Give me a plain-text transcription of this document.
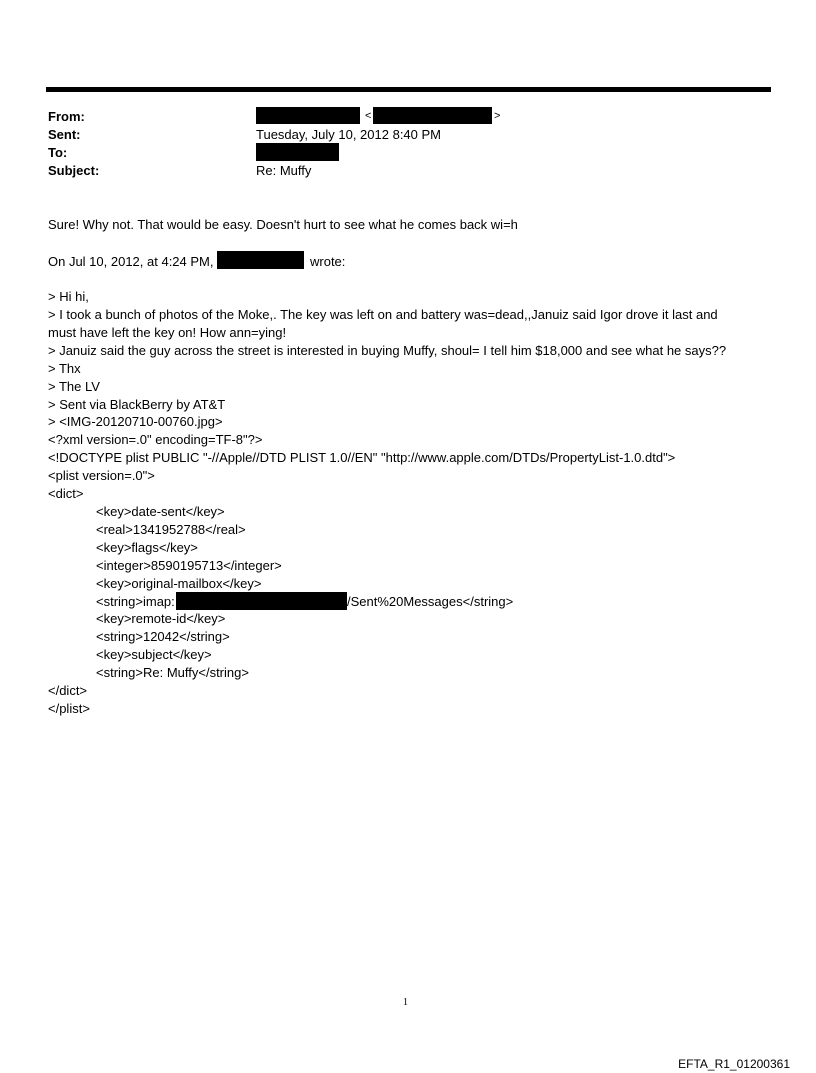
From:	<	>
Sent:	Tuesday, July 10, 2012 8:40 PM
To:
Subject:	Re: Muffy
Sure! Why not. That would be easy. Doesn't hurt to see what he comes back wi=h
On Jul 10, 2012, at 4:24 PM,	wrote:
> Hi hi,
> I took a bunch of photos of the Moke,. The key was left on and battery was=dead,,Januiz said Igor drove it last and
must have left the key on! How ann=ying!
> Januiz said the guy across the street is interested in buying Muffy, shoul= I tell him $18,000 and see what he says??
> Thx
> The LV
> Sent via BlackBerry by AT&T
> <IMG-20120710-00760.jpg>
<?xml version=.0" encoding=TF-8"?>
<!DOCTYPE plist PUBLIC "-//Apple//DTD PLIST 1.0//EN" "http://www.apple.com/DTDs/PropertyList-1.0.dtd">
<plist version=.0">
<dict>
<key>date-sent</key>
<real>1341952788</real>
<key>flags</key>
<integer>8590195713</integer>
<key>original-mailbox</key>
<string>imap:	/Sent%20Messages</string>
<key>remote-id</key>
<string>12042</string>
<key>subject</key>
<string>Re: Muffy</string>
</dict>
</plist>
1
EFTA_R1_01200361
